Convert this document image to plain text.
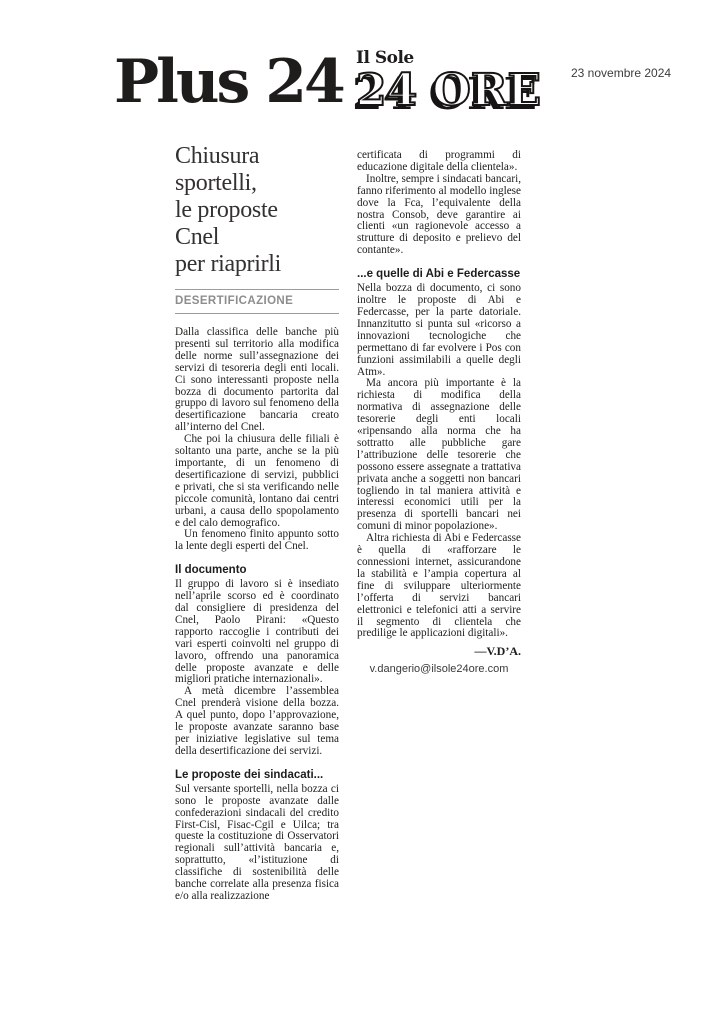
Plus 24 Il Sole
24 ORE	23 novembre 2024
Chiusura
sportelli,
le proposte
Cnel
per riaprirli
DESERTIFICAZIONE

Dalla classifica delle banche più presenti sul territorio alla modifica delle norme sull’assegnazione dei servizi di tesoreria degli enti locali. Ci sono interessanti proposte nella bozza di documento partorita dal gruppo di lavoro sul fenomeno della desertificazione bancaria creato all’interno del Cnel.

Che poi la chiusura delle filiali è soltanto una parte, anche se la più importante, di un fenomeno di desertificazione di servizi, pubblici e privati, che si sta verificando nelle piccole comunità, lontano dai centri urbani, a causa dello spopolamento e del calo demografico.

Un fenomeno finito appunto sotto la lente degli esperti del Cnel.

Il documento

Il gruppo di lavoro si è insediato nell’aprile scorso ed è coordinato dal consigliere di presidenza del Cnel, Paolo Pirani: «Questo rapporto raccoglie i contributi dei vari esperti coinvolti nel gruppo di lavoro, offrendo una panoramica delle proposte avanzate e delle migliori pratiche internazionali».

A metà dicembre l’assemblea Cnel prenderà visione della bozza. A quel punto, dopo l’approvazione, le proposte avanzate saranno base per iniziative legislative sul tema della desertificazione dei servizi.

Le proposte dei sindacati...

Sul versante sportelli, nella bozza ci sono le proposte avanzate dalle confederazioni sindacali del credito First-Cisl, Fisac-Cgil e Uilca; tra queste la costituzione di Osservatori regionali sull’attività bancaria e, soprattutto, «l’istituzione di classifiche di sostenibilità delle banche correlate alla presenza fisica e/o alla realizzazione

certificata di programmi di educazione digitale della clientela».

Inoltre, sempre i sindacati bancari, fanno riferimento al modello inglese dove la Fca, l’equivalente della nostra Consob, deve garantire ai clienti «un ragionevole accesso a strutture di deposito e prelievo del contante».

...e quelle di Abi e Federcasse

Nella bozza di documento, ci sono inoltre le proposte di Abi e Federcasse, per la parte datoriale. Innanzitutto si punta sul «ricorso a innovazioni tecnologiche che permettano di far evolvere i Pos con funzioni assimilabili a quelle degli Atm».

Ma ancora più importante è la richiesta di modifica della normativa di assegnazione delle tesorerie degli enti locali «ripensando alla norma che ha sottratto alle pubbliche gare l’attribuzione delle tesorerie che possono essere assegnate a trattativa privata anche a soggetti non bancari togliendo in tal maniera attività e interessi economici utili per la presenza di sportelli bancari nei comuni di minor popolazione».

Altra richiesta di Abi e Federcasse è quella di «rafforzare le connessioni internet, assicurandone la stabilità e l’ampia copertura al fine di sviluppare ulteriormente l’offerta di servizi bancari elettronici e telefonici atti a servire il segmento di clientela che predilige le applicazioni digitali».

—V.D’A.
v.dangerio@ilsole24ore.com
